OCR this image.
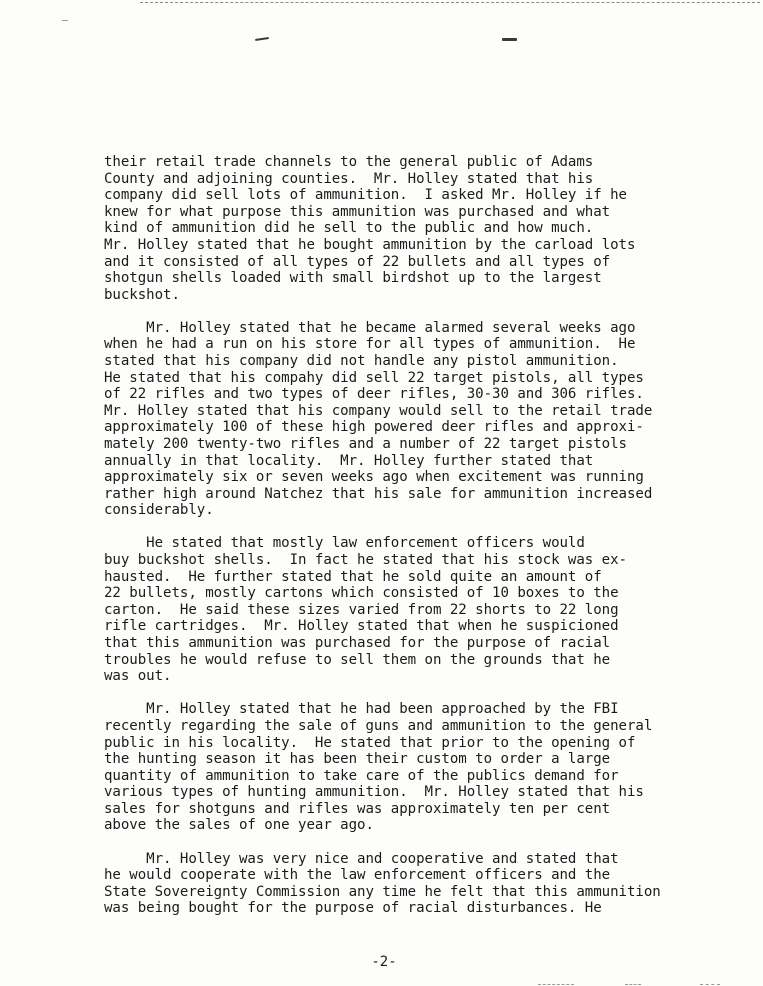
their retail trade channels to the general public of Adams
County and adjoining counties.  Mr. Holley stated that his
company did sell lots of ammunition.  I asked Mr. Holley if he
knew for what purpose this ammunition was purchased and what
kind of ammunition did he sell to the public and how much.
Mr. Holley stated that he bought ammunition by the carload lots
and it consisted of all types of 22 bullets and all types of
shotgun shells loaded with small birdshot up to the largest
buckshot.

Mr. Holley stated that he became alarmed several weeks ago
when he had a run on his store for all types of ammunition.  He
stated that his company did not handle any pistol ammunition.
He stated that his compahy did sell 22 target pistols, all types
of 22 rifles and two types of deer rifles, 30-30 and 306 rifles.
Mr. Holley stated that his company would sell to the retail trade
approximately 100 of these high powered deer rifles and approxi-
mately 200 twenty-two rifles and a number of 22 target pistols
annually in that locality.  Mr. Holley further stated that
approximately six or seven weeks ago when excitement was running
rather high around Natchez that his sale for ammunition increased
considerably.

He stated that mostly law enforcement officers would
buy buckshot shells.  In fact he stated that his stock was ex-
hausted.  He further stated that he sold quite an amount of
22 bullets, mostly cartons which consisted of 10 boxes to the
carton.  He said these sizes varied from 22 shorts to 22 long
rifle cartridges.  Mr. Holley stated that when he suspicioned
that this ammunition was purchased for the purpose of racial
troubles he would refuse to sell them on the grounds that he
was out.

Mr. Holley stated that he had been approached by the FBI
recently regarding the sale of guns and ammunition to the general
public in his locality.  He stated that prior to the opening of
the hunting season it has been their custom to order a large
quantity of ammunition to take care of the publics demand for
various types of hunting ammunition.  Mr. Holley stated that his
sales for shotguns and rifles was approximately ten per cent
above the sales of one year ago.

Mr. Holley was very nice and cooperative and stated that
he would cooperate with the law enforcement officers and the
State Sovereignty Commission any time he felt that this ammunition
was being bought for the purpose of racial disturbances. He

-2-
